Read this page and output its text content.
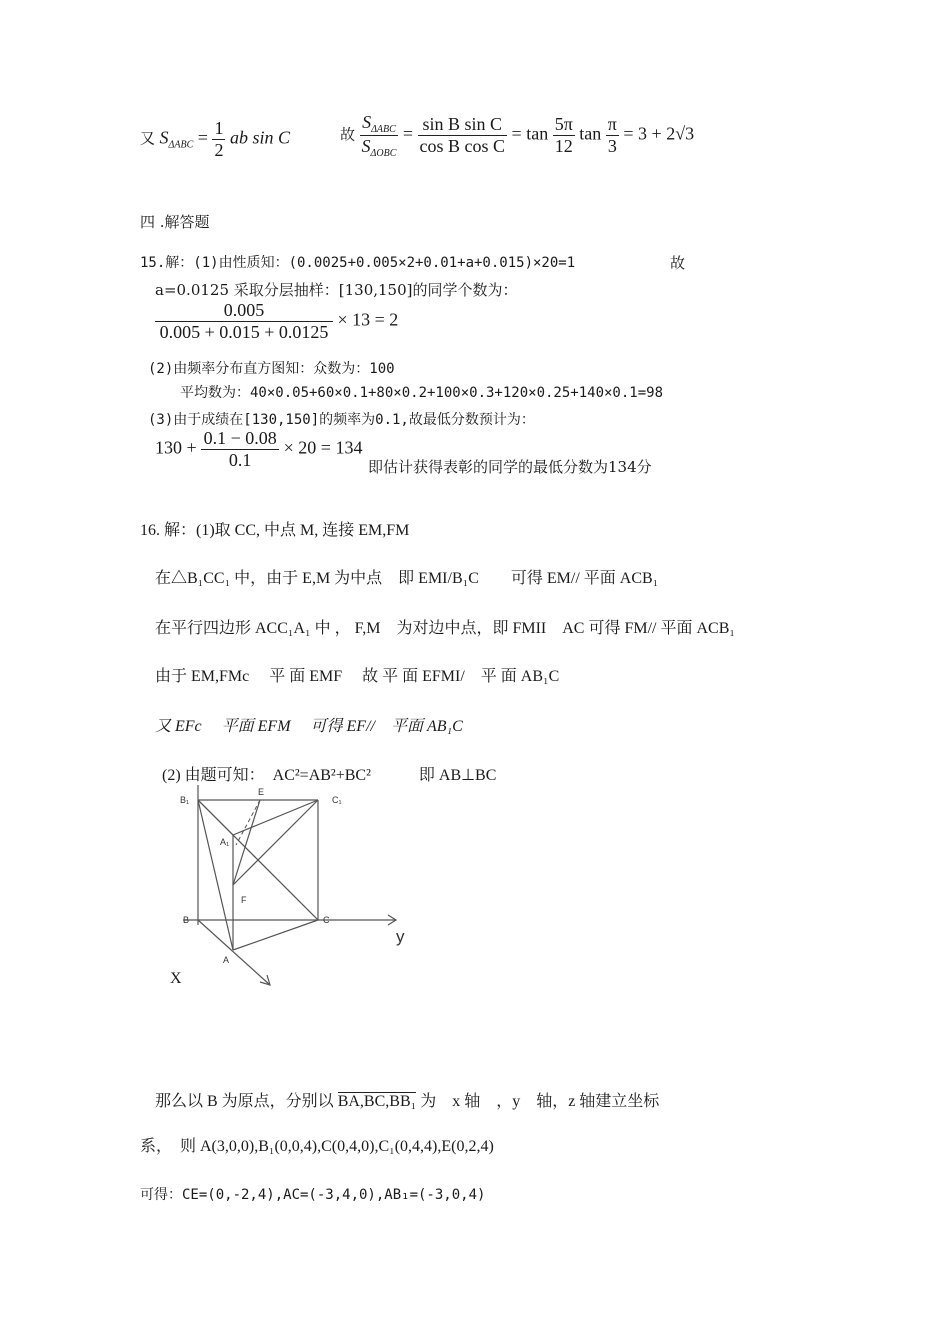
又 $S_{\Delta ABC} = \frac{1}{2}$ ab sin C	故 $\frac{S_{\Delta ABC}}{S_{\Delta OBC}} = \frac{\text{sin B sin C}}{\text{cos B cos C}} = \tan \frac{5\pi}{12}$ $\tan \frac{\pi}{3} = 3 + 2√3$
四 .解答题
15.解：(1)由性质知：(0.0025+0.005×2+0.01+a+0.015)×20=1	故
a=0.0125 采取分层抽样：[130,150]的同学个数为：
$\frac{0.005}{0.005 + 0.015 + 0.0125} \times 13 = 2$
(2)由频率分布直方图知：众数为：100
平均数为：40×0.05+60×0.1+80×0.2+100×0.3+120×0.25+140×0.1=98
(3)由于成绩在[130,150]的频率为0.1,故最低分数预计为：
$130 + \frac{0.1 - 0.08}{0.1} \times 20 = 134$
即估计获得表彰的同学的最低分数为134分
16. 解：(1)取 CC, 中点 M, 连接 EM,FM
在△B₁CC₁ 中，由于 E,M 为中点　即 EMI/B₁C　　可得 EM// 平面 ACB₁
在平行四边形 ACC₁A₁ 中 ， F,M　为对边中点，即 FMII　AC 可得 FM// 平面 ACB₁
由于 EM,FMc　 平 面 EMF　 故 平 面 EFMI/　平 面 AB₁C
又 EFc　 平面 EFM　 可得 EF//　平面 AB₁C
(2) 由题可知：　AC²=AB²+BC²　　　即 AB⊥BC
B₁	C₁
E
A₁
F
B	C
A
y
X
那么以 B 为原点，分别以 BA,BC,BB₁ 为　x 轴　，y　轴，z 轴建立坐标
系，　则 A(3,0,0),B₁(0,0,4),C(0,4,0),C₁(0,4,4),E(0,2,4)
可得：CE=(0,-2,4),AC=(-3,4,0),AB₁=(-3,0,4)
